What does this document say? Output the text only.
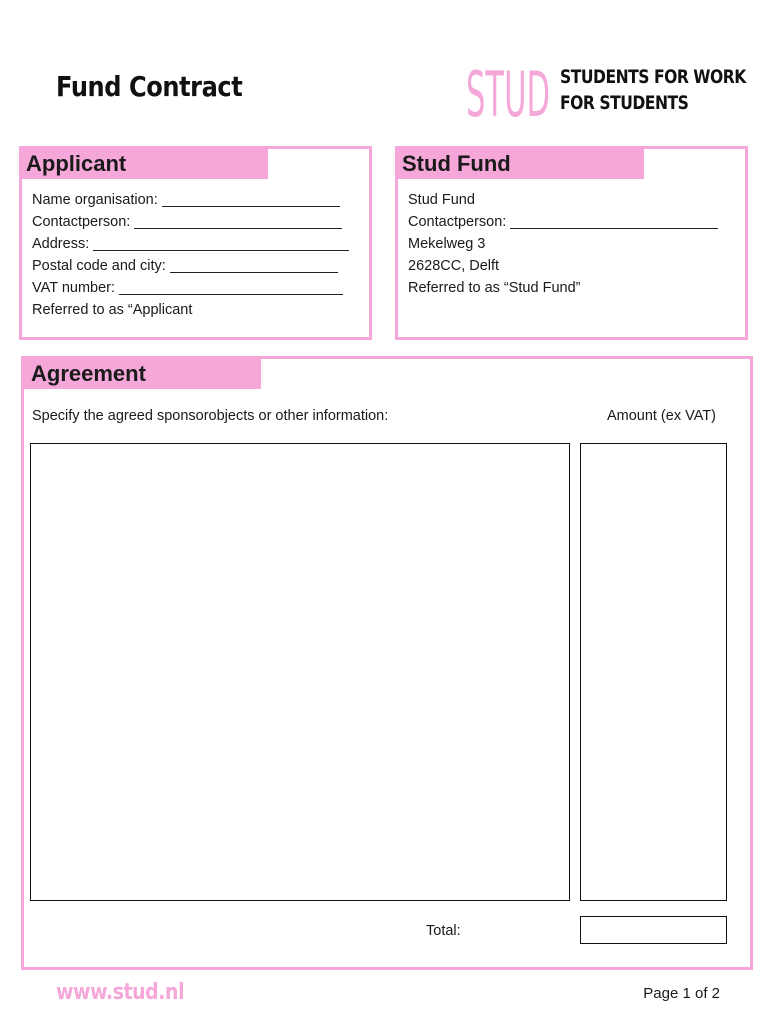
Fund Contract	STUD STUDENTS FOR WORK
FOR STUDENTS
Applicant
Name organisation:
Contactperson:
Address:
Postal code and city:
VAT number:
Referred to as “Applicant
Stud Fund
Stud Fund
Contactperson:
Mekelweg 3
2628CC, Delft
Referred to as “Stud Fund”
Agreement
Specify the agreed sponsorobjects or other information:	Amount (ex VAT)
Total:
www.stud.nl	Page 1 of 2
